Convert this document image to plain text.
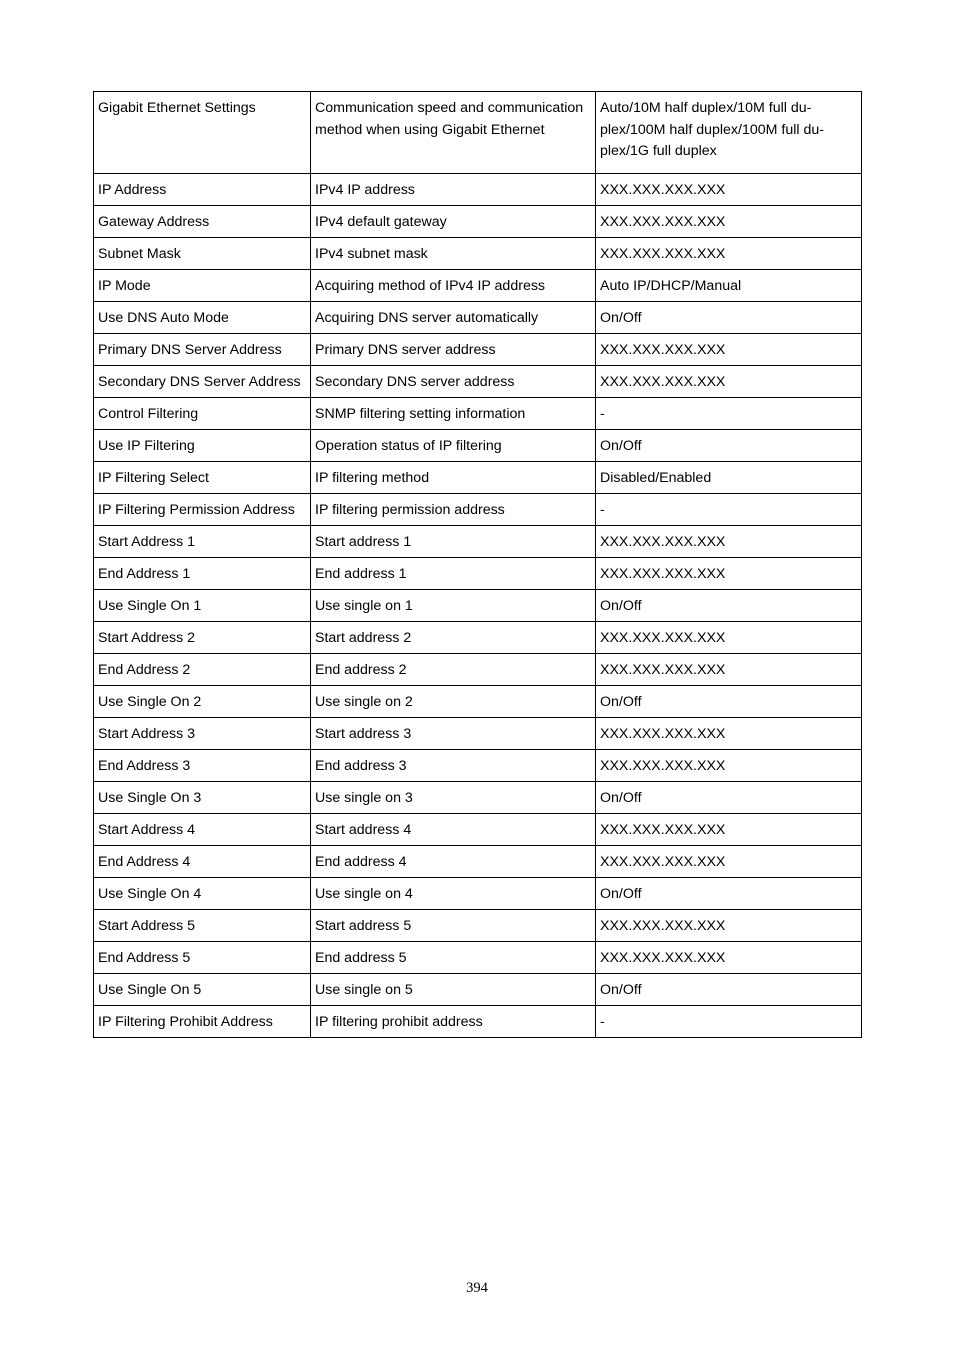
Gigabit Ethernet Settings	Communication speed and communication method when using Gigabit Ethernet	Auto/10M half duplex/10M full du- plex/100M half duplex/100M full du- plex/1G full duplex
IP Address	IPv4 IP address	XXX.XXX.XXX.XXX
Gateway Address	IPv4 default gateway	XXX.XXX.XXX.XXX
Subnet Mask	IPv4 subnet mask	XXX.XXX.XXX.XXX
IP Mode	Acquiring method of IPv4 IP address	Auto IP/DHCP/Manual
Use DNS Auto Mode	Acquiring DNS server automatically	On/Off
Primary DNS Server Address	Primary DNS server address	XXX.XXX.XXX.XXX
Secondary DNS Server Address	Secondary DNS server address	XXX.XXX.XXX.XXX
Control Filtering	SNMP filtering setting information	-
Use IP Filtering	Operation status of IP filtering	On/Off
IP Filtering Select	IP filtering method	Disabled/Enabled
IP Filtering Permission Address	IP filtering permission address	-
Start Address 1	Start address 1	XXX.XXX.XXX.XXX
End Address 1	End address 1	XXX.XXX.XXX.XXX
Use Single On 1	Use single on 1	On/Off
Start Address 2	Start address 2	XXX.XXX.XXX.XXX
End Address 2	End address 2	XXX.XXX.XXX.XXX
Use Single On 2	Use single on 2	On/Off
Start Address 3	Start address 3	XXX.XXX.XXX.XXX
End Address 3	End address 3	XXX.XXX.XXX.XXX
Use Single On 3	Use single on 3	On/Off
Start Address 4	Start address 4	XXX.XXX.XXX.XXX
End Address 4	End address 4	XXX.XXX.XXX.XXX
Use Single On 4	Use single on 4	On/Off
Start Address 5	Start address 5	XXX.XXX.XXX.XXX
End Address 5	End address 5	XXX.XXX.XXX.XXX
Use Single On 5	Use single on 5	On/Off
IP Filtering Prohibit Address	IP filtering prohibit address	-
394
